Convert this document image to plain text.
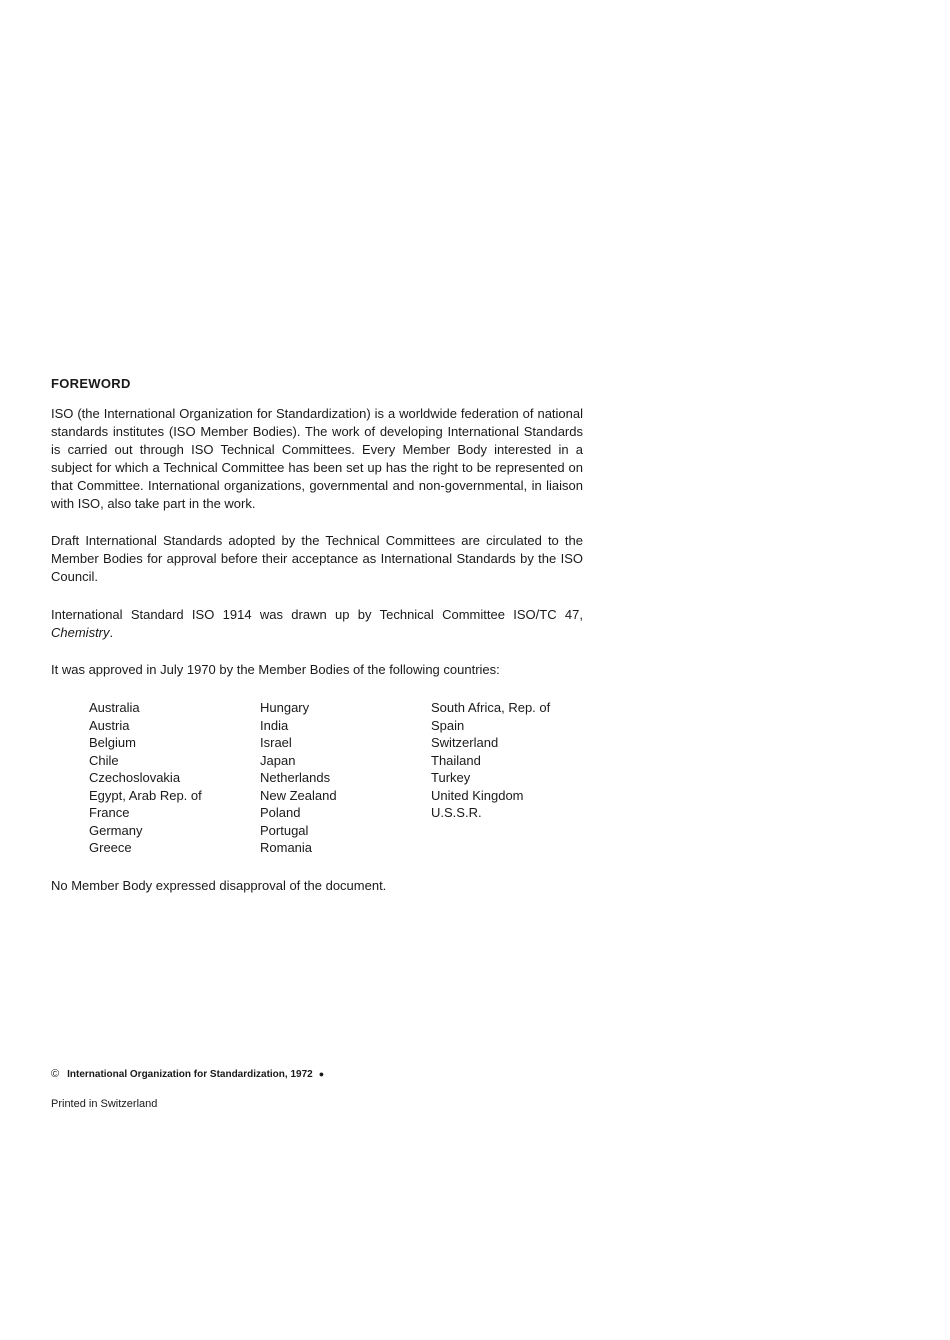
FOREWORD
ISO (the International Organization for Standardization) is a worldwide federation of national standards institutes (ISO Member Bodies). The work of developing International Standards is carried out through ISO Technical Committees. Every Member Body interested in a subject for which a Technical Committee has been set up has the right to be represented on that Committee. International organizations, governmental and non-governmental, in liaison with ISO, also take part in the work.
Draft International Standards adopted by the Technical Committees are circulated to the Member Bodies for approval before their acceptance as International Standards by the ISO Council.
International Standard ISO 1914 was drawn up by Technical Committee ISO/TC 47, Chemistry.
It was approved in July 1970 by the Member Bodies of the following countries:
Australia
Austria
Belgium
Chile
Czechoslovakia
Egypt, Arab Rep. of
France
Germany
Greece
Hungary
India
Israel
Japan
Netherlands
New Zealand
Poland
Portugal
Romania
South Africa, Rep. of
Spain
Switzerland
Thailand
Turkey
United Kingdom
U.S.S.R.
No Member Body expressed disapproval of the document.
© International Organization for Standardization, 1972 ●
Printed in Switzerland
